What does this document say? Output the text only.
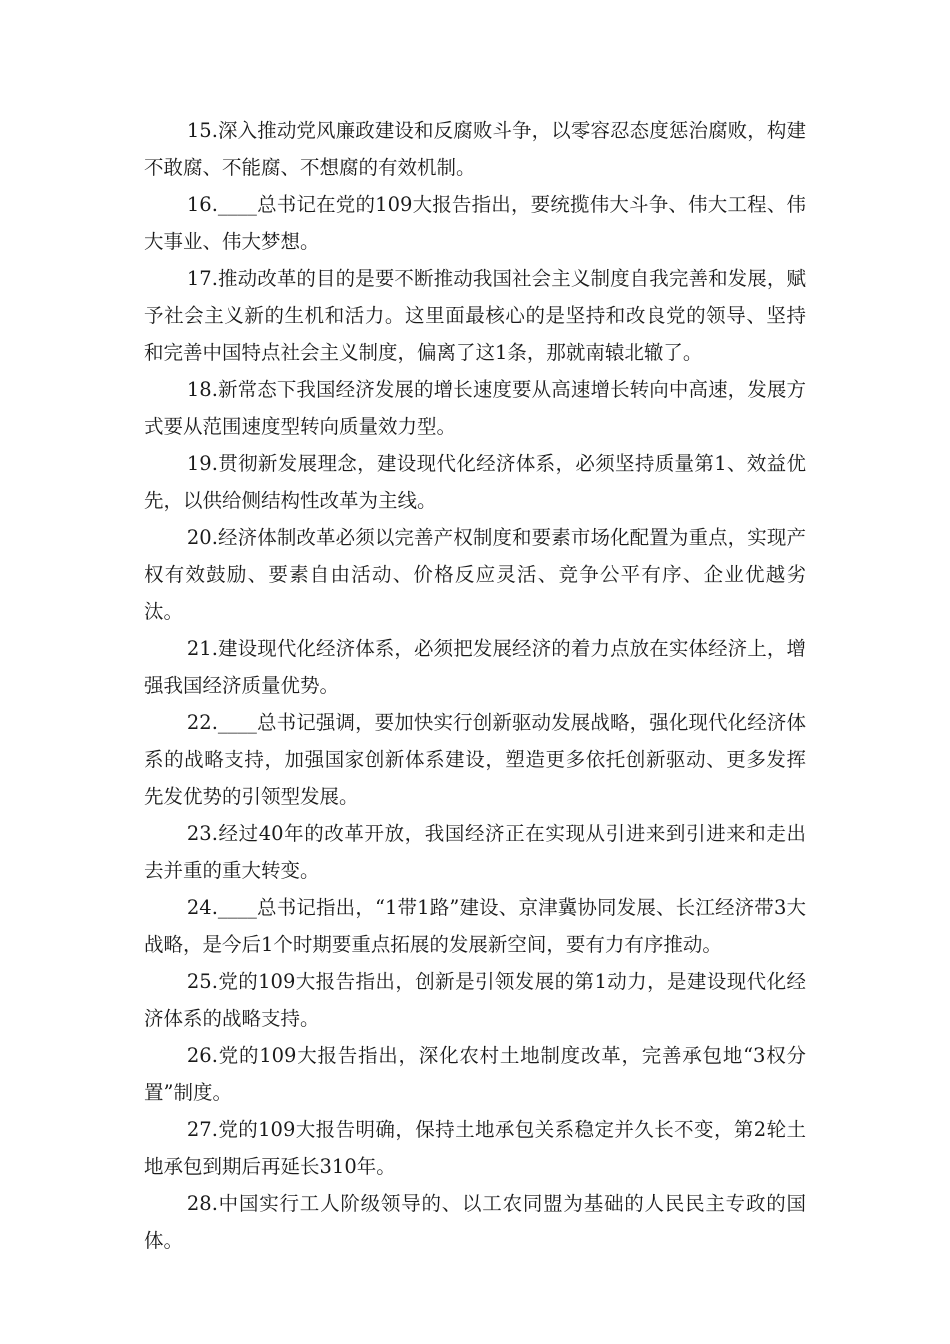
15.深入推动党风廉政建设和反腐败斗争，以零容忍态度惩治腐败，构建不敢腐、不能腐、不想腐的有效机制。

16.____总书记在党的109大报告指出，要统揽伟大斗争、伟大工程、伟大事业、伟大梦想。

17.推动改革的目的是要不断推动我国社会主义制度自我完善和发展，赋予社会主义新的生机和活力。这里面最核心的是坚持和改良党的领导、坚持和完善中国特点社会主义制度，偏离了这1条，那就南辕北辙了。

18.新常态下我国经济发展的增长速度要从高速增长转向中高速，发展方式要从范围速度型转向质量效力型。

19.贯彻新发展理念，建设现代化经济体系，必须坚持质量第1、效益优先，以供给侧结构性改革为主线。

20.经济体制改革必须以完善产权制度和要素市场化配置为重点，实现产权有效鼓励、要素自由活动、价格反应灵活、竞争公平有序、企业优越劣汰。

21.建设现代化经济体系，必须把发展经济的着力点放在实体经济上，增强我国经济质量优势。

22.____总书记强调，要加快实行创新驱动发展战略，强化现代化经济体系的战略支持，加强国家创新体系建设，塑造更多依托创新驱动、更多发挥先发优势的引领型发展。

23.经过40年的改革开放，我国经济正在实现从引进来到引进来和走出去并重的重大转变。

24.____总书记指出，“1带1路”建设、京津冀协同发展、长江经济带3大战略，是今后1个时期要重点拓展的发展新空间，要有力有序推动。

25.党的109大报告指出，创新是引领发展的第1动力，是建设现代化经济体系的战略支持。

26.党的109大报告指出，深化农村土地制度改革，完善承包地“3权分置”制度。

27.党的109大报告明确，保持土地承包关系稳定并久长不变，第2轮土地承包到期后再延长310年。

28.中国实行工人阶级领导的、以工农同盟为基础的人民民主专政的国体。
